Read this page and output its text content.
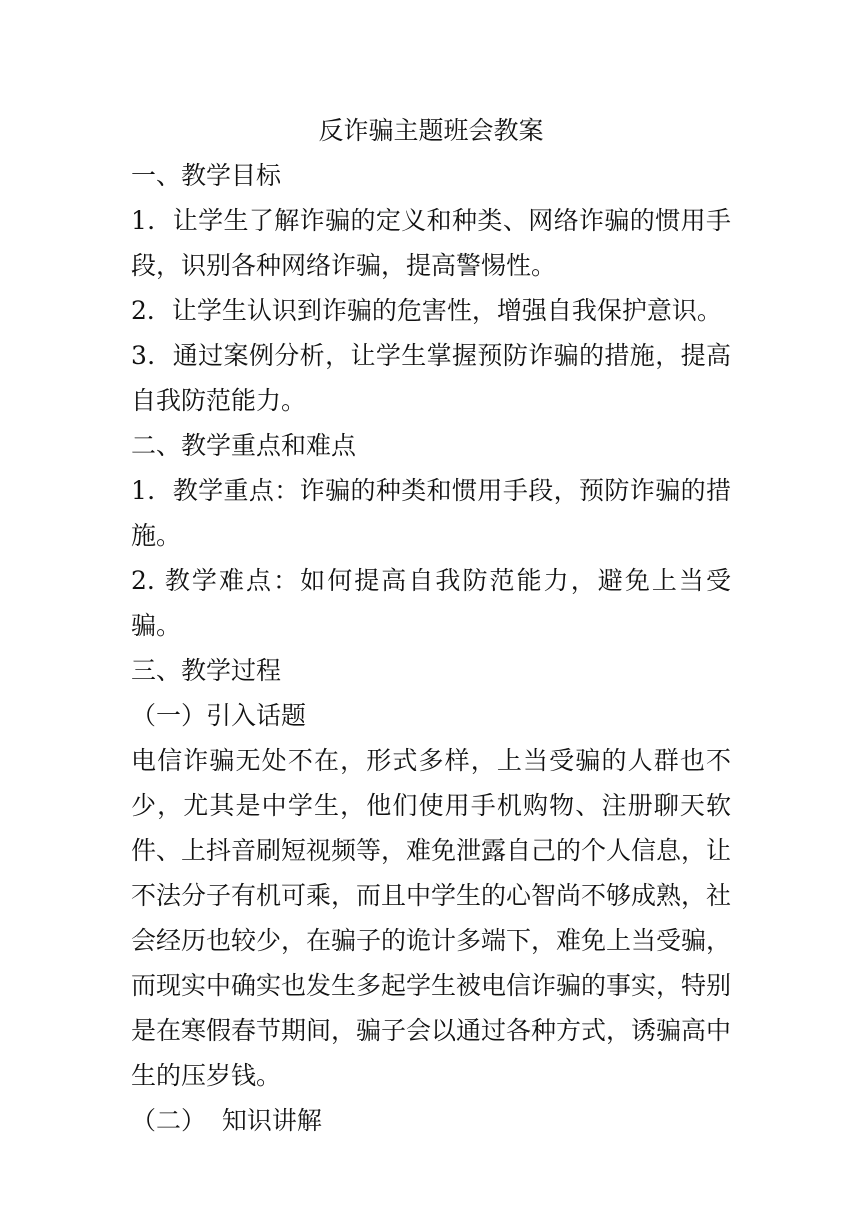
反诈骗主题班会教案

一、教学目标

1．让学生了解诈骗的定义和种类、网络诈骗的惯用手段，识别各种网络诈骗，提高警惕性。

2．让学生认识到诈骗的危害性，增强自我保护意识。

3．通过案例分析，让学生掌握预防诈骗的措施，提高自我防范能力。

二、教学重点和难点

1．教学重点：诈骗的种类和惯用手段，预防诈骗的措施。

2. 教学难点：如何提高自我防范能力，避免上当受骗。

三、教学过程

（一）引入话题

电信诈骗无处不在，形式多样，上当受骗的人群也不少，尤其是中学生，他们使用手机购物、注册聊天软件、上抖音刷短视频等，难免泄露自己的个人信息，让不法分子有机可乘，而且中学生的心智尚不够成熟，社会经历也较少，在骗子的诡计多端下，难免上当受骗，而现实中确实也发生多起学生被电信诈骗的事实，特别是在寒假春节期间，骗子会以通过各种方式，诱骗高中生的压岁钱。

（二）  知识讲解
